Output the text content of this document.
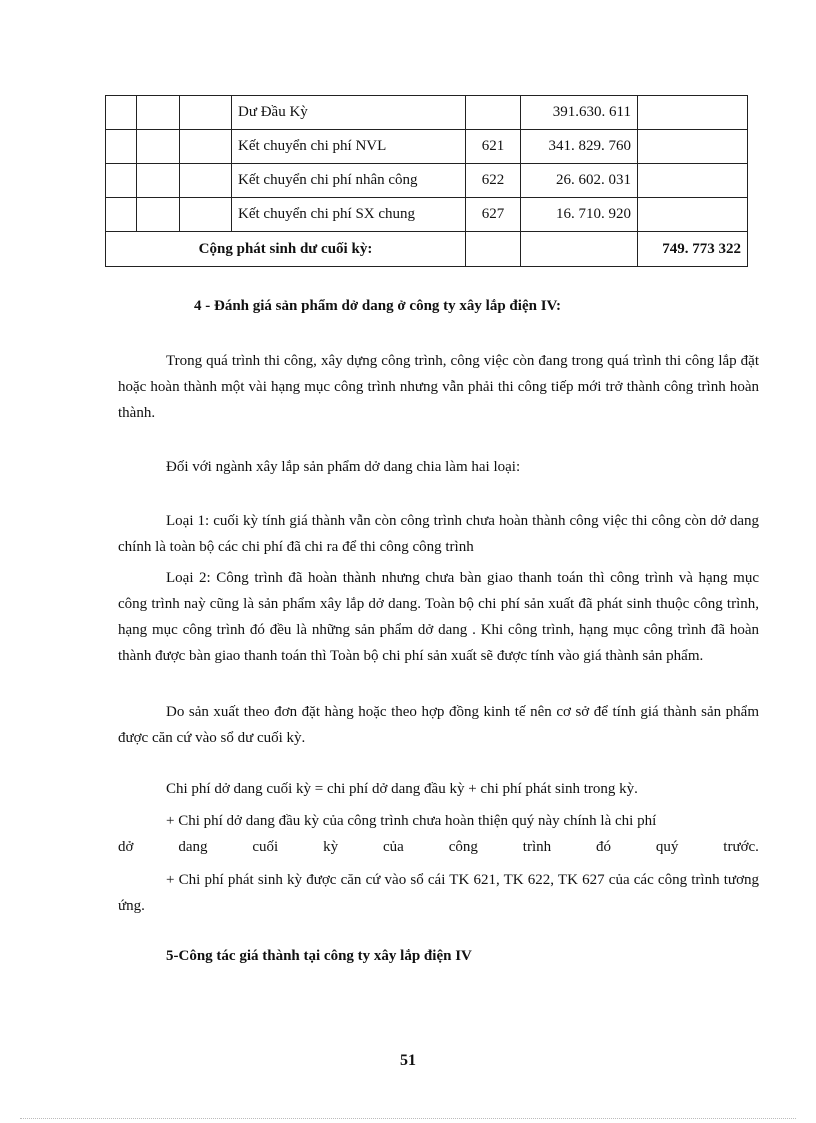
			Dư Đầu Kỳ		391.630. 611	
			Kết chuyển chi phí NVL	621	341. 829. 760	
			Kết chuyển chi phí nhân công	622	26. 602. 031	
			Kết chuyển chi phí SX chung	627	16. 710. 920	
Cộng phát sinh dư cuối kỳ:						749. 773 322
4 - Đánh giá sản phẩm dở dang ở công ty xây lắp điện IV:
Trong quá trình thi công, xây dựng công trình, công việc còn đang trong quá trình thi công lắp đặt hoặc hoàn thành một vài hạng mục công trình nhưng vẫn phải thi công tiếp mới trở thành công trình hoàn thành.
Đối với ngành xây lắp sản phẩm dở dang chia làm hai loại:
Loại 1: cuối kỳ tính giá thành vẫn còn công trình chưa hoàn thành công việc thi công còn dở dang chính là toàn bộ các chi phí đã chi ra để thi công công trình
Loại 2: Công trình đã hoàn thành nhưng chưa bàn giao thanh toán thì công trình và hạng mục công trình naỳ cũng là sản phẩm xây lắp dở dang. Toàn bộ chi phí sản xuất đã phát sinh thuộc công trình, hạng mục công trình đó đều là những sản phẩm dở dang . Khi công trình, hạng mục công trình đã hoàn thành được bàn giao thanh toán thì Toàn bộ chi phí sản xuất sẽ được tính vào giá thành sản phẩm.
Do sản xuất theo đơn đặt hàng hoặc theo hợp đồng kinh tế nên cơ sở để tính giá thành sản phẩm được căn cứ vào sổ dư cuối kỳ.
Chi phí dở dang cuối kỳ = chi phí dở dang đầu kỳ + chi phí phát sinh trong kỳ.
+ Chi phí dở dang đầu kỳ của công trình chưa hoàn thiện quý này chính là chi phí
dở	dang	cuối	kỳ	của	công	trình	đó	quý	trước.
+ Chi phí phát sinh kỳ được căn cứ vào sổ cái TK 621, TK 622, TK 627 của các công trình tương ứng.
5-Công tác giá thành tại công ty xây lắp điện IV
51
